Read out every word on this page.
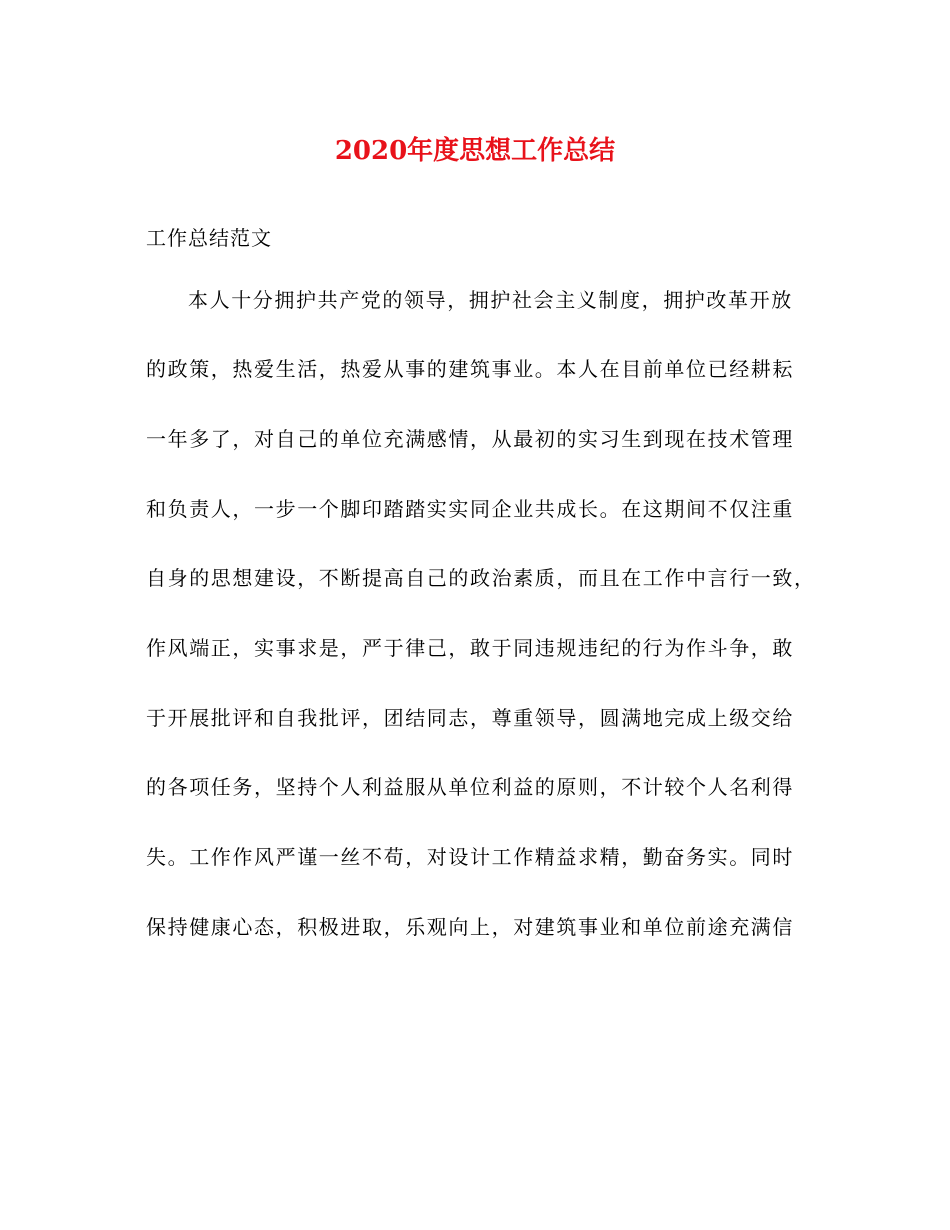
2020年度思想工作总结
工作总结范文
本人十分拥护共产党的领导，拥护社会主义制度，拥护改革开放
的政策，热爱生活，热爱从事的建筑事业。本人在目前单位已经耕耘
一年多了，对自己的单位充满感情，从最初的实习生到现在技术管理
和负责人，一步一个脚印踏踏实实同企业共成长。在这期间不仅注重
自身的思想建设，不断提高自己的政治素质，而且在工作中言行一致，
作风端正，实事求是，严于律己，敢于同违规违纪的行为作斗争，敢
于开展批评和自我批评，团结同志，尊重领导，圆满地完成上级交给
的各项任务，坚持个人利益服从单位利益的原则，不计较个人名利得
失。工作作风严谨一丝不苟，对设计工作精益求精，勤奋务实。同时
保持健康心态，积极进取，乐观向上，对建筑事业和单位前途充满信
